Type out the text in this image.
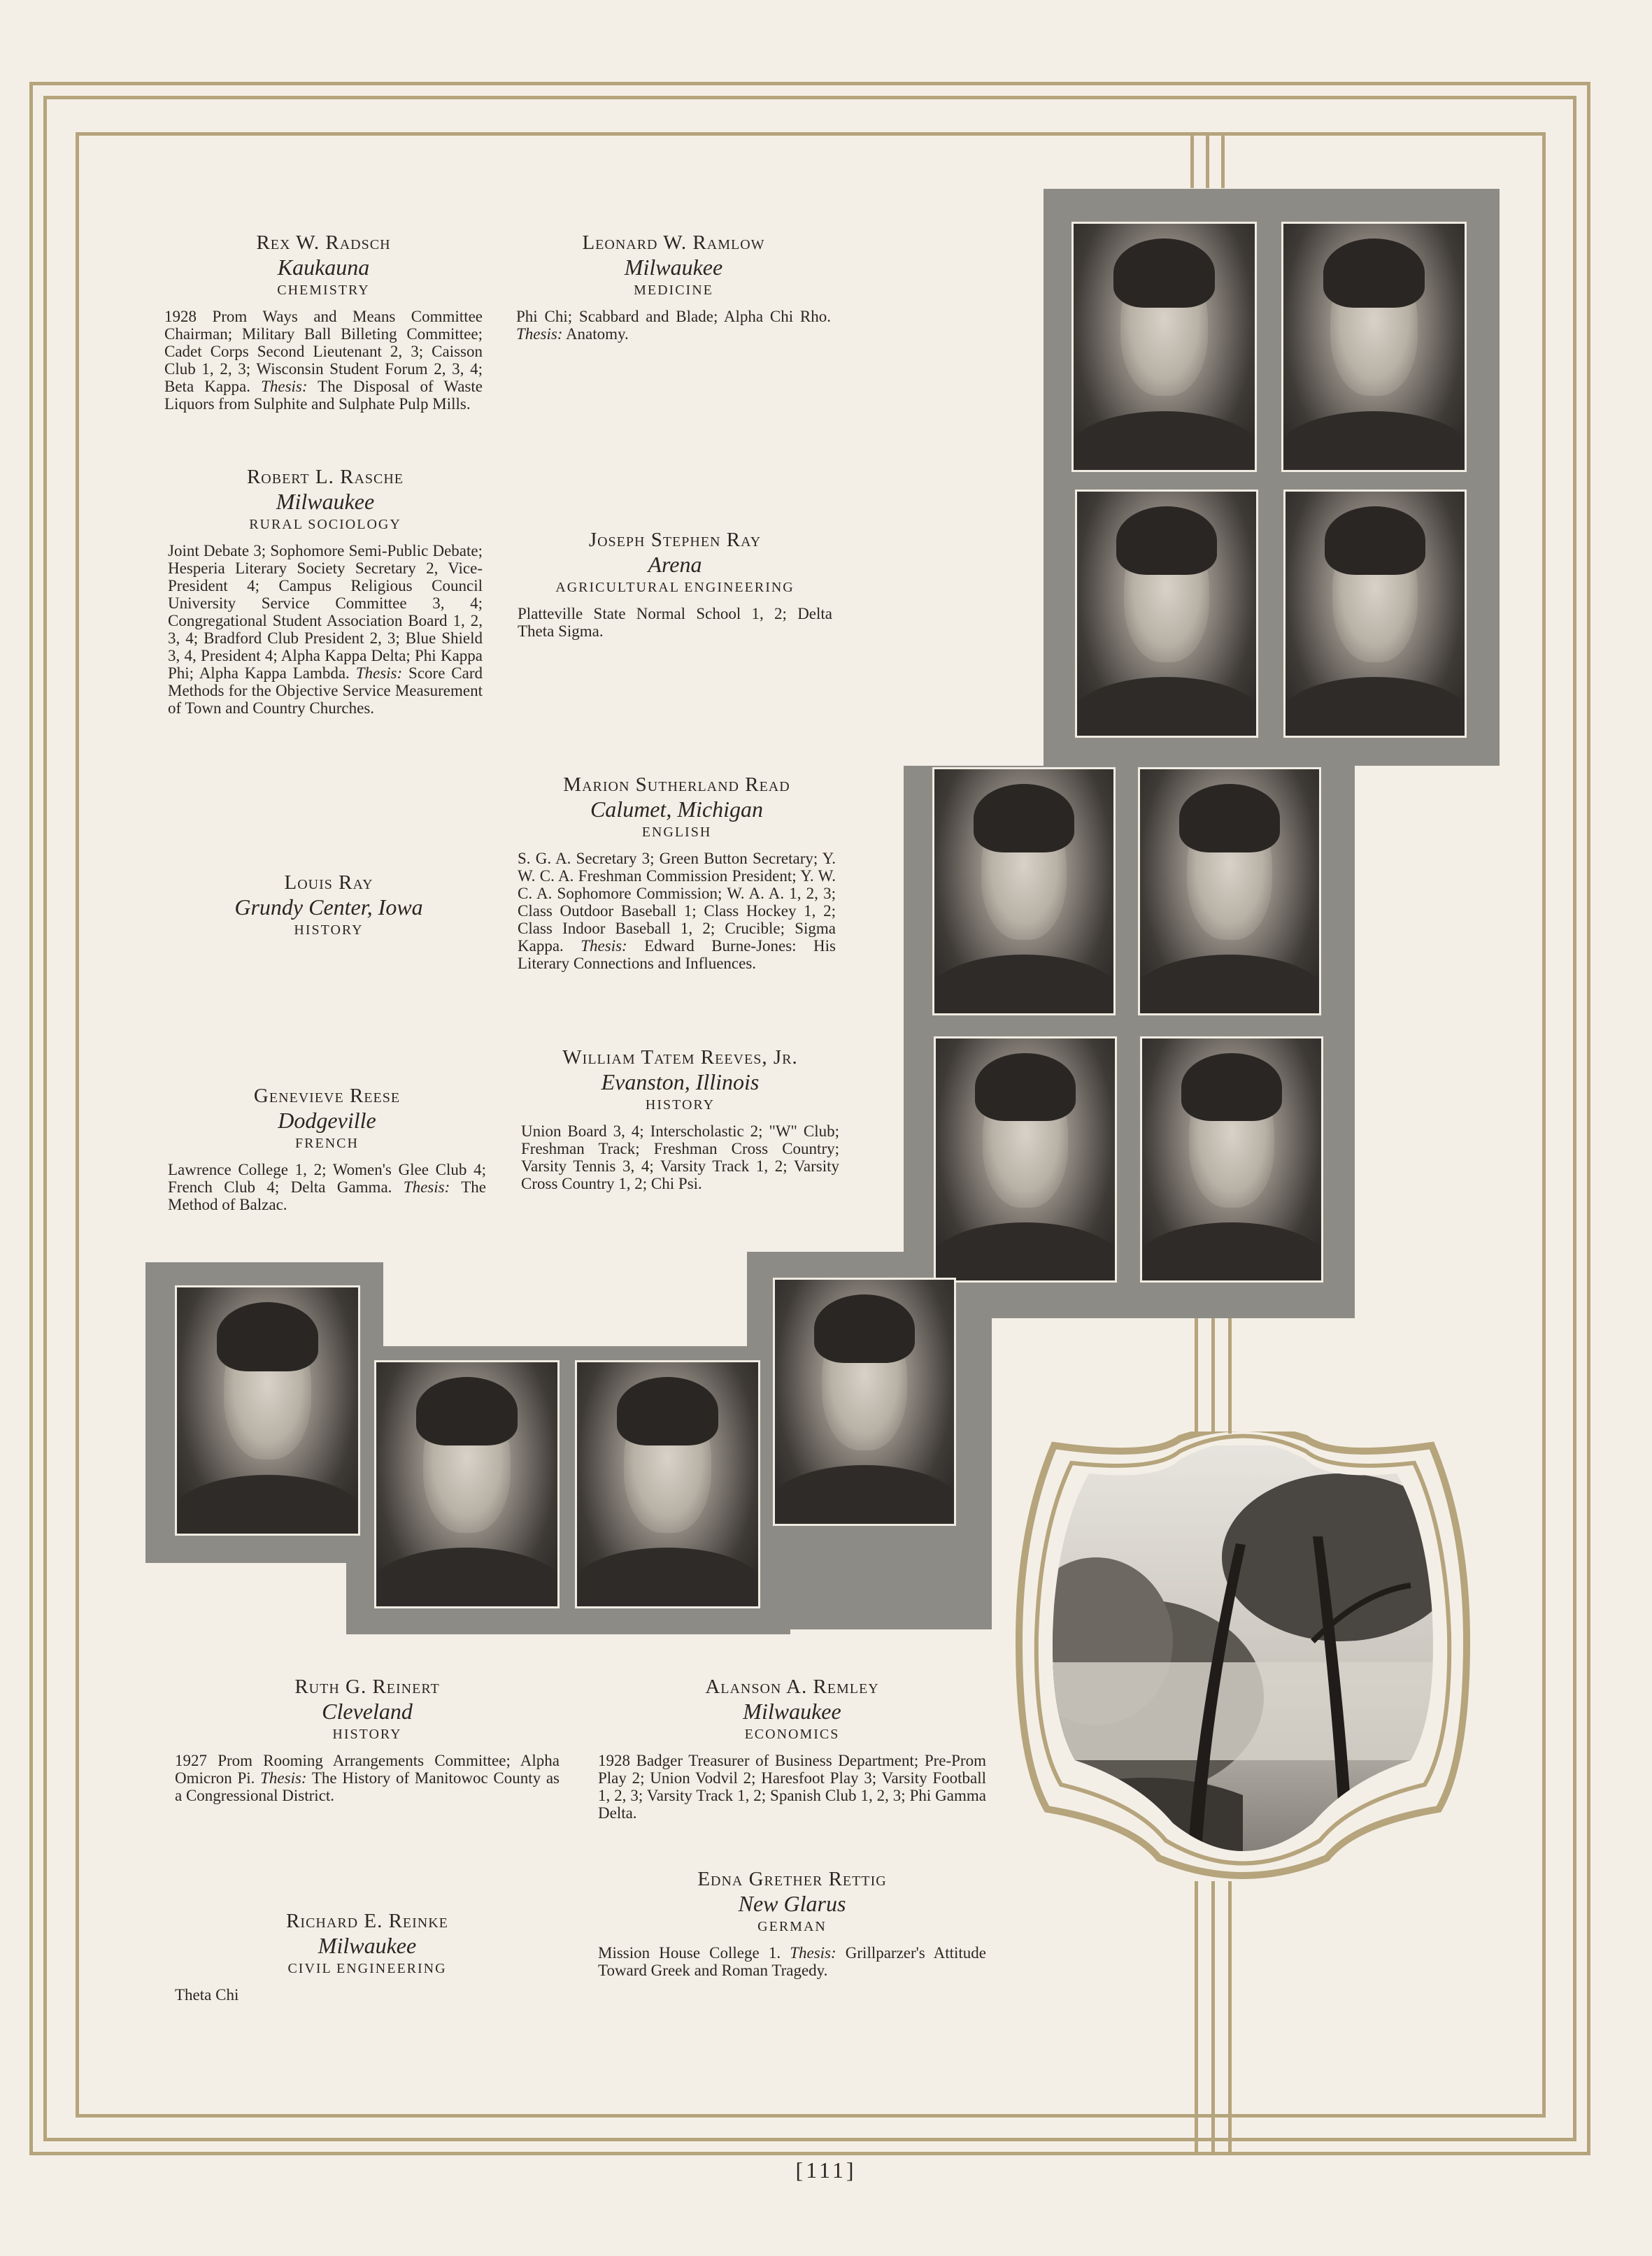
Rex W. Radsch
Kaukauna
CHEMISTRY
1928 Prom Ways and Means Committee Chairman; Military Ball Billeting Committee; Cadet Corps Second Lieutenant 2, 3; Caisson Club 1, 2, 3; Wisconsin Student Forum 2, 3, 4; Beta Kappa. Thesis: The Disposal of Waste Liquors from Sulphite and Sulphate Pulp Mills.
Leonard W. Ramlow
Milwaukee
MEDICINE
Phi Chi; Scabbard and Blade; Alpha Chi Rho. Thesis: Anatomy.
Robert L. Rasche
Milwaukee
RURAL SOCIOLOGY
Joint Debate 3; Sophomore Semi-Public Debate; Hesperia Literary Society Secretary 2, Vice-President 4; Campus Religious Council University Service Committee 3, 4; Congregational Student Association Board 1, 2, 3, 4; Bradford Club President 2, 3; Blue Shield 3, 4, President 4; Alpha Kappa Delta; Phi Kappa Phi; Alpha Kappa Lambda. Thesis: Score Card Methods for the Objective Service Measurement of Town and Country Churches.
Joseph Stephen Ray
Arena
AGRICULTURAL ENGINEERING
Platteville State Normal School 1, 2; Delta Theta Sigma.
Marion Sutherland Read
Calumet, Michigan
ENGLISH
S. G. A. Secretary 3; Green Button Secretary; Y. W. C. A. Freshman Commission President; Y. W. C. A. Sophomore Commission; W. A. A. 1, 2, 3; Class Outdoor Baseball 1; Class Hockey 1, 2; Class Indoor Baseball 1, 2; Crucible; Sigma Kappa. Thesis: Edward Burne-Jones: His Literary Connections and Influences.
Louis Ray
Grundy Center, Iowa
HISTORY
William Tatem Reeves, Jr.
Evanston, Illinois
HISTORY
Union Board 3, 4; Interscholastic 2; "W" Club; Freshman Track; Freshman Cross Country; Varsity Tennis 3, 4; Varsity Track 1, 2; Varsity Cross Country 1, 2; Chi Psi.
Genevieve Reese
Dodgeville
FRENCH
Lawrence College 1, 2; Women's Glee Club 4; French Club 4; Delta Gamma. Thesis: The Method of Balzac.
Ruth G. Reinert
Cleveland
HISTORY
1927 Prom Rooming Arrangements Committee; Alpha Omicron Pi. Thesis: The History of Manitowoc County as a Congressional District.
Alanson A. Remley
Milwaukee
ECONOMICS
1928 Badger Treasurer of Business Department; Pre-Prom Play 2; Union Vodvil 2; Haresfoot Play 3; Varsity Football 1, 2, 3; Varsity Track 1, 2; Spanish Club 1, 2, 3; Phi Gamma Delta.
Richard E. Reinke
Milwaukee
CIVIL ENGINEERING
Theta Chi
Edna Grether Rettig
New Glarus
GERMAN
Mission House College 1. Thesis: Grillparzer's Attitude Toward Greek and Roman Tragedy.
[111]
